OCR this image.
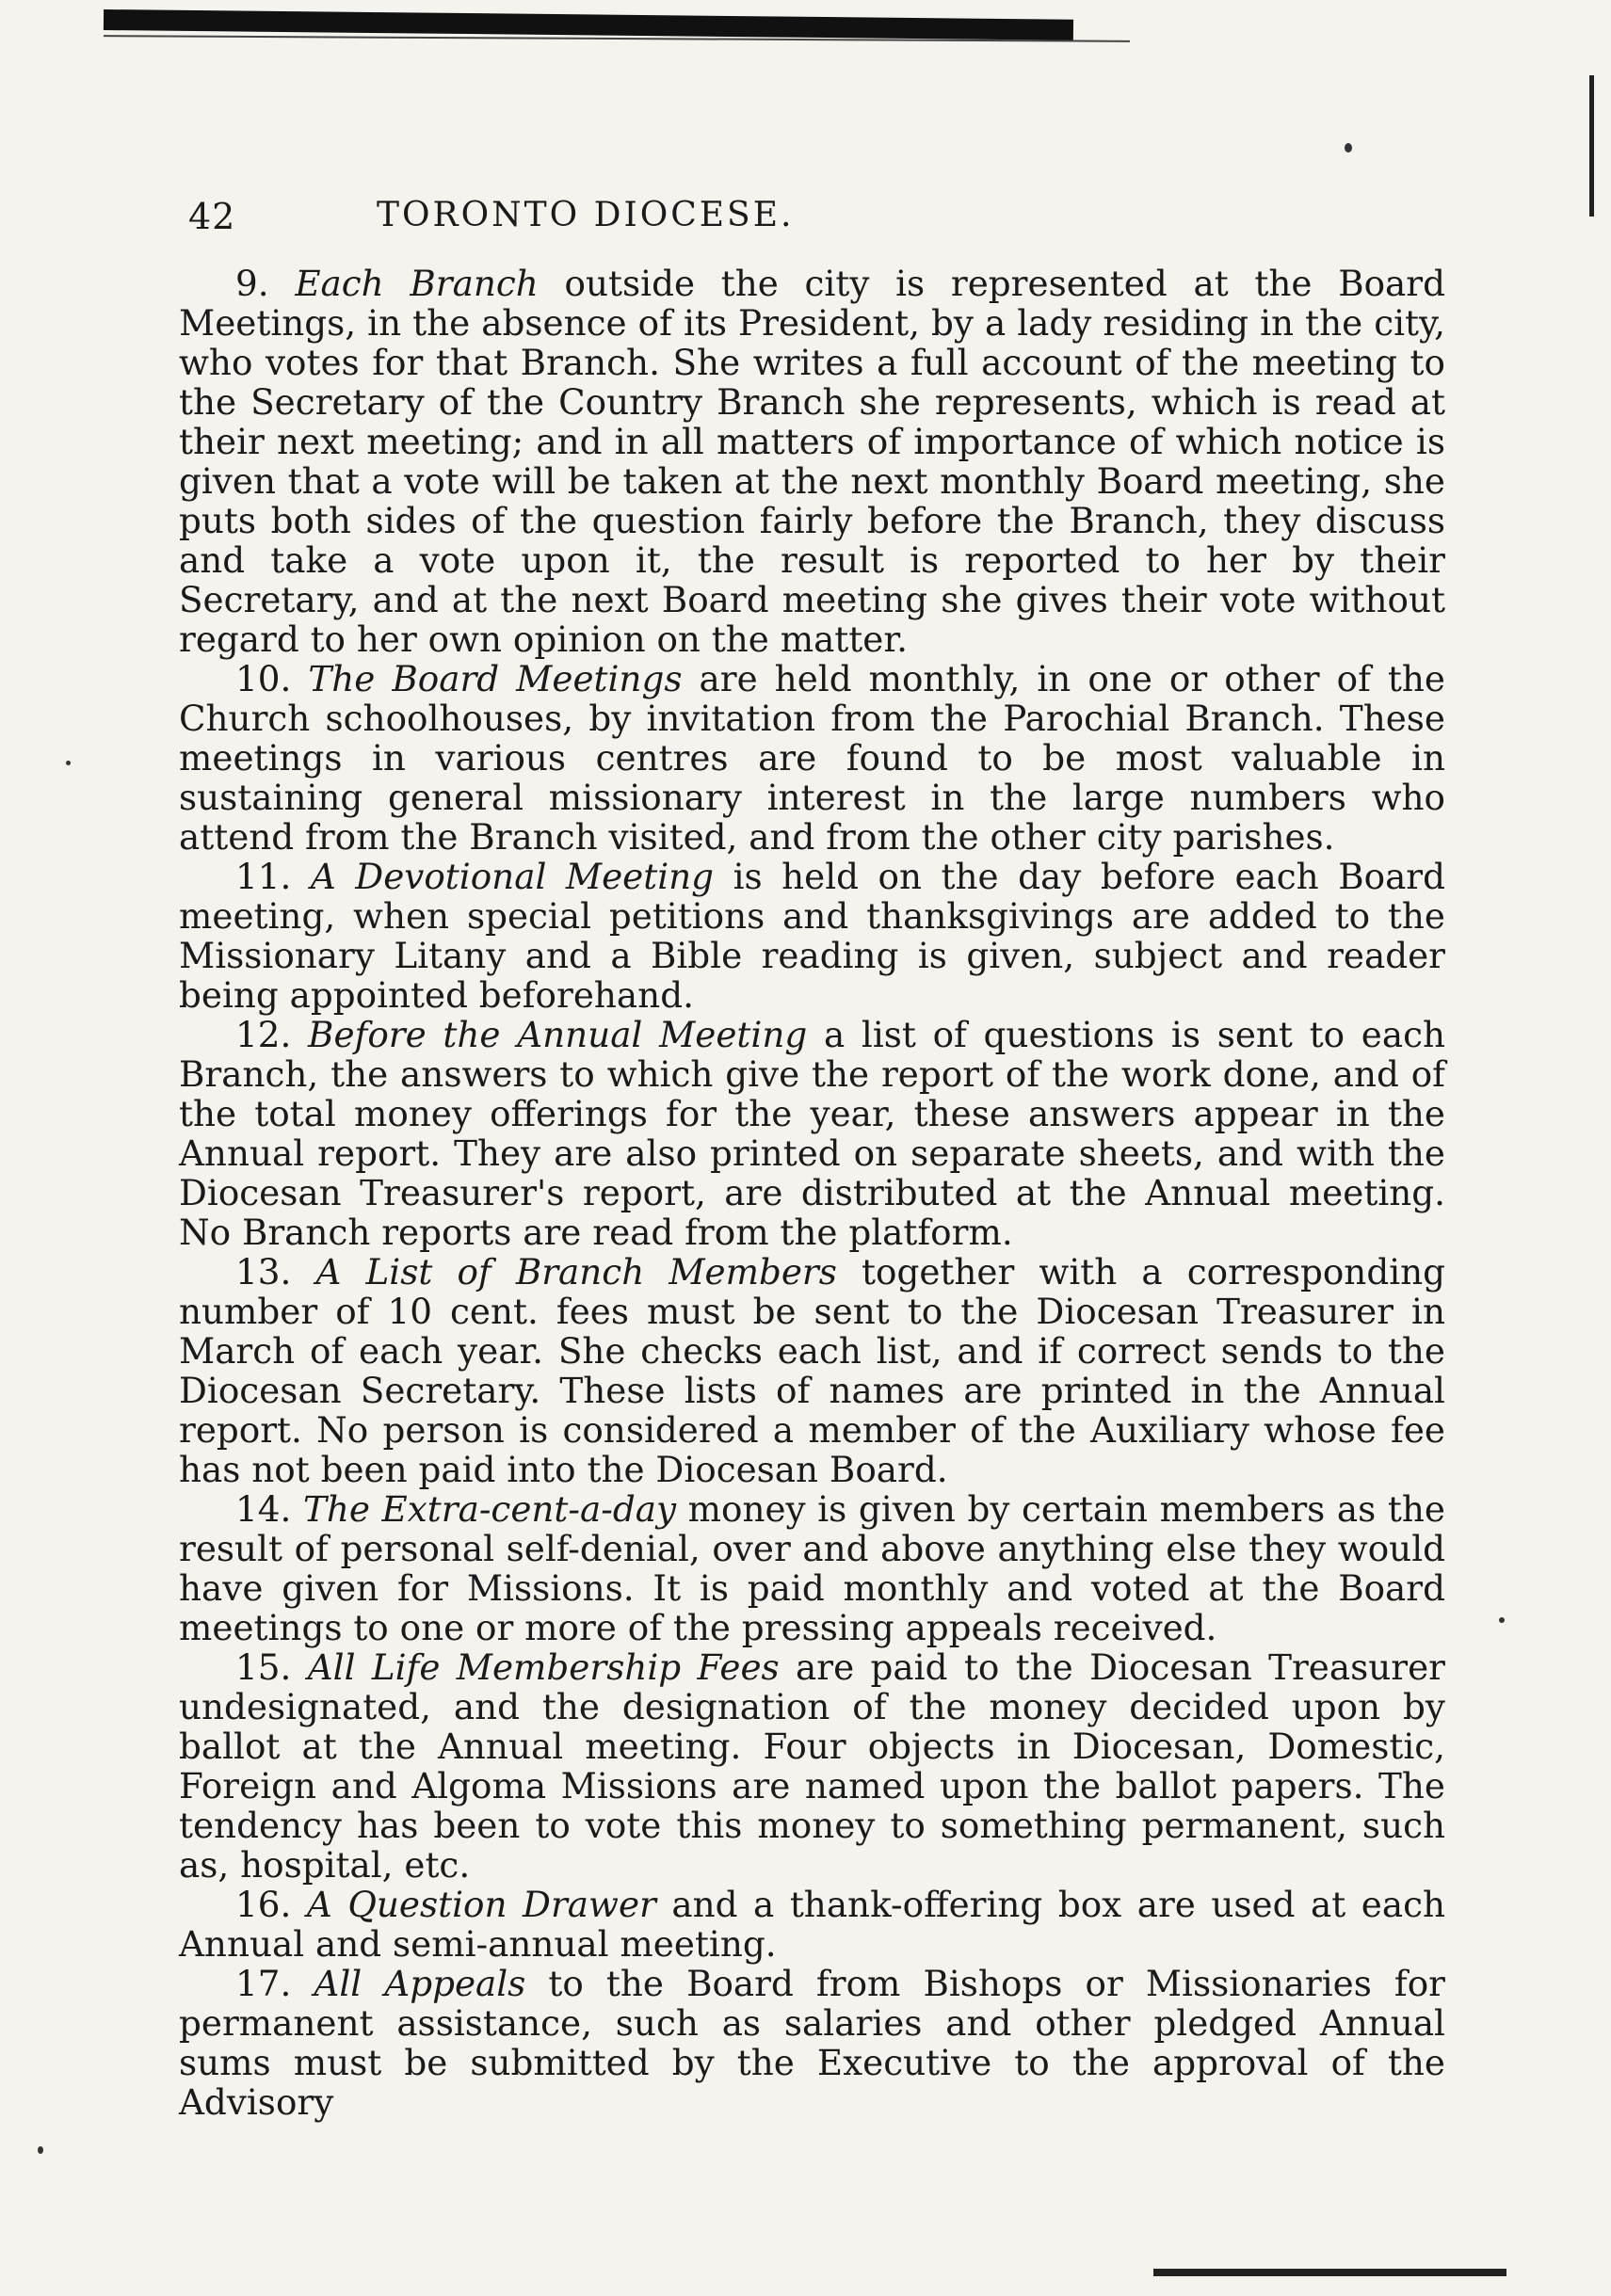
42	TORONTO DIOCESE.

9. Each Branch outside the city is represented at the Board Meetings, in the absence of its President, by a lady residing in the city, who votes for that Branch. She writes a full account of the meeting to the Secretary of the Country Branch she represents, which is read at their next meeting; and in all matters of importance of which notice is given that a vote will be taken at the next monthly Board meeting, she puts both sides of the question fairly before the Branch, they discuss and take a vote upon it, the result is reported to her by their Secretary, and at the next Board meeting she gives their vote without regard to her own opinion on the matter.

10. The Board Meetings are held monthly, in one or other of the Church schoolhouses, by invitation from the Parochial Branch. These meetings in various centres are found to be most valuable in sustaining general missionary interest in the large numbers who attend from the Branch visited, and from the other city parishes.

11. A Devotional Meeting is held on the day before each Board meeting, when special petitions and thanksgivings are added to the Missionary Litany and a Bible reading is given, subject and reader being appointed beforehand.

12. Before the Annual Meeting a list of questions is sent to each Branch, the answers to which give the report of the work done, and of the total money offerings for the year, these answers appear in the Annual report. They are also printed on separate sheets, and with the Diocesan Treasurer's report, are distributed at the Annual meeting. No Branch reports are read from the platform.

13. A List of Branch Members together with a corresponding number of 10 cent. fees must be sent to the Diocesan Treasurer in March of each year. She checks each list, and if correct sends to the Diocesan Secretary. These lists of names are printed in the Annual report. No person is considered a member of the Auxiliary whose fee has not been paid into the Diocesan Board.

14. The Extra-cent-a-day money is given by certain members as the result of personal self-denial, over and above anything else they would have given for Missions. It is paid monthly and voted at the Board meetings to one or more of the pressing appeals received.

15. All Life Membership Fees are paid to the Diocesan Treasurer undesignated, and the designation of the money decided upon by ballot at the Annual meeting. Four objects in Diocesan, Domestic, Foreign and Algoma Missions are named upon the ballot papers. The tendency has been to vote this money to something permanent, such as, hospital, etc.

16. A Question Drawer and a thank-offering box are used at each Annual and semi-annual meeting.

17. All Appeals to the Board from Bishops or Missionaries for permanent assistance, such as salaries and other pledged Annual sums must be submitted by the Executive to the approval of the Advisory
